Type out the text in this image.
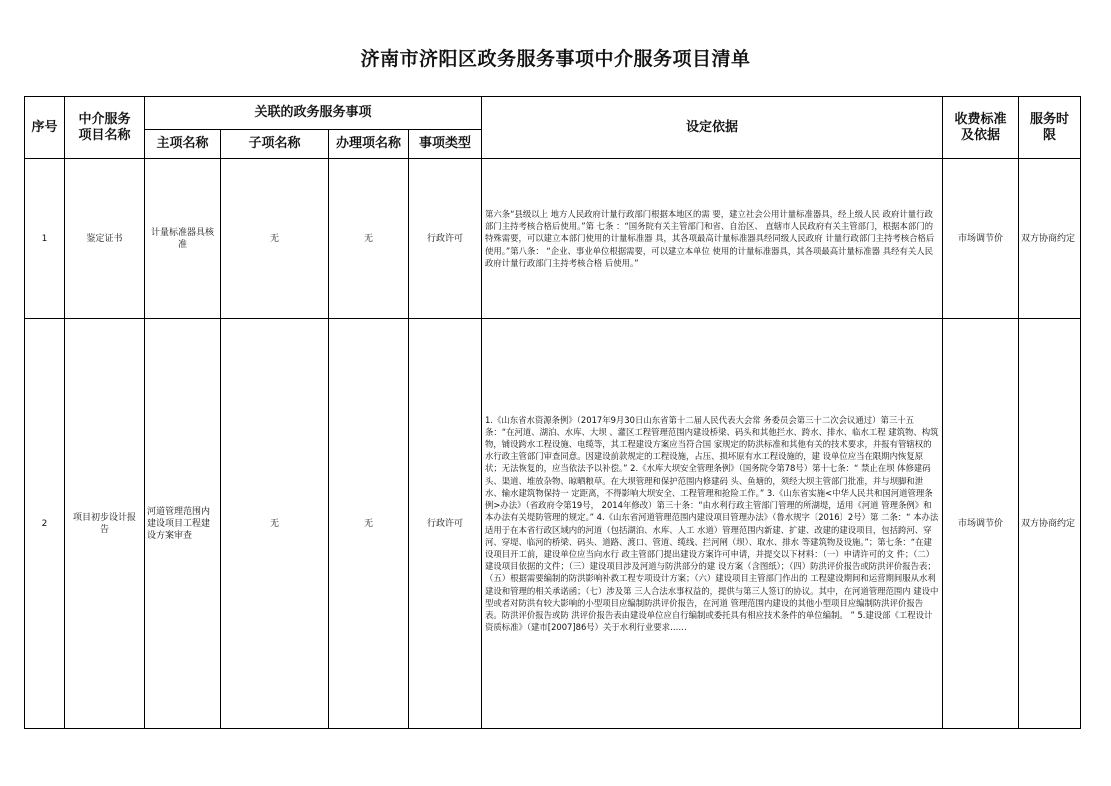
济南市济阳区政务服务事项中介服务项目清单
序号	中介服务项目名称	关联的政务服务事项				设定依据	收费标准及依据	服务时限
		主项名称	子项名称	办理项名称	事项类型			
1	鉴定证书	计量标准器具核准	无	无	行政许可	第六条“县级以上 地方人民政府计量行政部门根据本地区的需 要，建立社会公用计量标准器具，经上级人民 政府计量行政部门主持考核合格后使用。”第 七条 ：“国务院有关主管部门和省、自治区、 直辖市人民政府有关主管部门，根据本部门的 特殊需要，可以建立本部门使用的计量标准器 具，其各项最高计量标准器具经同级人民政府 计量行政部门主持考核合格后使用。”第八条： “企业、事业单位根据需要，可以建立本单位 使用的计量标准器具，其各项最高计量标准器 具经有关人民政府计量行政部门主持考核合格 后使用。”	市场调节价	双方协商约定
2	项目初步设计报告	河道管理范围内建设项目工程建设方案审查	无	无	行政许可	1.《山东省水资源条例》（2017年9月30日山东省第十二届人民代表大会常 务委员会第三十二次会议通过）第三十五条：“在河道、湖泊、水库、大坝 、灌区工程管理范围内建设桥梁、码头和其他拦水、跨水、排水、临水工程 建筑物、构筑物，铺设跨水工程设施、电缆等，其工程建设方案应当符合国 家规定的防洪标准和其他有关的技术要求，并报有管辖权的水行政主管部门审查同意。因建设前款规定的工程设施，占压、损坏原有水工程设施的，建 设单位应当在限期内恢复原状；无法恢复的，应当依法予以补偿。” 2.《水库大坝安全管理条例》（国务院令第78号）第十七条：“ 禁止在坝 体修建码头、渠道、堆放杂物、晾晒粮草。在大坝管理和保护范围内修建码 头、鱼塘的，须经大坝主管部门批准，并与坝脚和泄水、输水建筑物保持一 定距离，不得影响大坝安全、工程管理和抢险工作。” 3.《山东省实施<中华人民共和国河道管理条例>办法》（省政府令第19号， 2014年修改）第三十条：“由水利行政主管部门管理的所湖堤，适用《河道 管理条例》和本办法有关堤防管理的规定。” 4.《山东省河道管理范围内建设项目管理办法》（鲁水规字〔2016〕2号）第 二条：“ 本办法适用于在本省行政区域内的河道（包括湖泊、水库、人工 水道）管理范围内新建、扩建、改建的建设项目，包括跨河、穿河、穿堤、临河的桥梁、码头、道路、渡口、管道、缆线、拦河闸（坝）、取水、排水 等建筑物及设施。”；第七条：“在建设项目开工前，建设单位应当向水行 政主管部门提出建设方案许可申请，并提交以下材料：（一）申请许可的文 件；（二）建设项目依据的文件；（三）建设项目涉及河道与防洪部分的建 设方案（含图纸）；（四）防洪评价报告或防洪评价报告表；（五）根据需要编制的防洪影响补救工程专项设计方案；（六）建设项目主管部门作出的 工程建设期间和运营期间服从水利建设和管理的相关承诺函；（七）涉及第 三人合法水事权益的，提供与第三人签订的协议。其中，在河道管理范围内 建设中型或者对防洪有较大影响的小型项目应编制防洪评价报告，在河道 管理范围内建设的其他小型项目应编制防洪评价报告表。防洪评价报告或防 洪评价报告表由建设单位应自行编制或委托具有相应技术条件的单位编制。 ” 5.建设部《工程设计资质标准》（建市[2007]86号）关于水利行业要求……	市场调节价	双方协商约定
